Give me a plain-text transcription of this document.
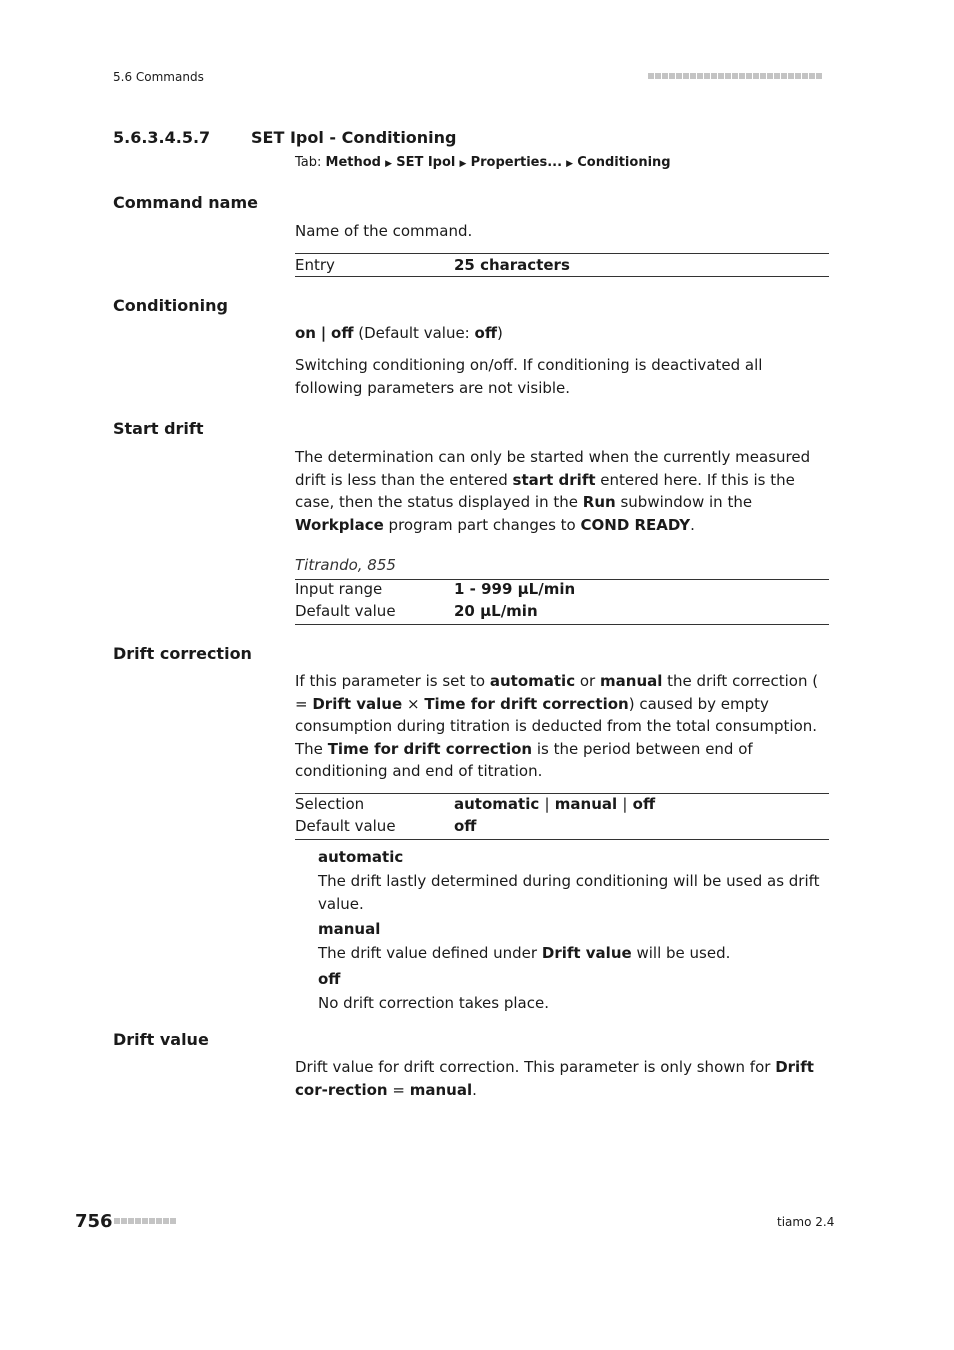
5.6 Commands
5.6.3.4.5.7	SET Ipol - Conditioning
Tab: Method ▶ SET Ipol ▶ Properties... ▶ Conditioning
Command name
Name of the command.
Entry	25 characters
Conditioning
on | off (Default value: off)
Switching conditioning on/off. If conditioning is deactivated all following parameters are not visible.
Start drift
The determination can only be started when the currently measured drift is less than the entered start drift entered here. If this is the case, then the status displayed in the Run subwindow in the Workplace program part changes to COND READY.
Titrando, 855
Input range	1 - 999 µL/min
Default value	20 µL/min
Drift correction
If this parameter is set to automatic or manual the drift correction ( = Drift value × Time for drift correction) caused by empty consumption during titration is deducted from the total consumption. The Time for drift correction is the period between end of conditioning and end of titration.
Selection	automatic | manual | off
Default value	off
automatic
The drift lastly determined during conditioning will be used as drift value.
manual
The drift value defined under Drift value will be used.
off
No drift correction takes place.
Drift value
Drift value for drift correction. This parameter is only shown for Drift cor-rection = manual.
756	tiamo 2.4
